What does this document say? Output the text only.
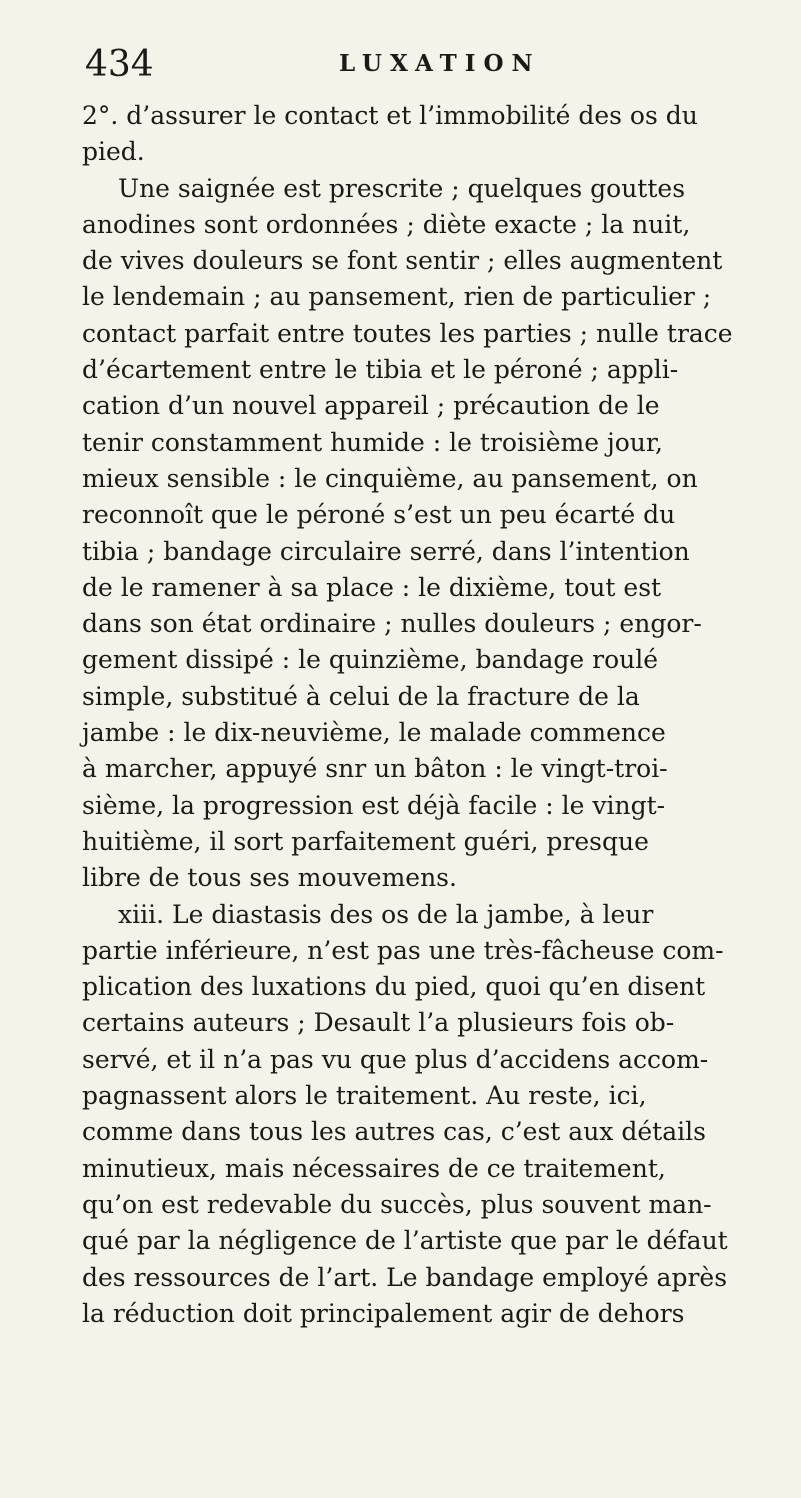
434	LUXATION
2°. d’assurer le contact et l’immobilité des os du
pied.
Une saignée est prescrite ; quelques gouttes
anodines sont ordonnées ; diète exacte ; la nuit,
de vives douleurs se font sentir ; elles augmentent
le lendemain ; au pansement, rien de particulier ;
contact parfait entre toutes les parties ; nulle trace
d’écartement entre le tibia et le péroné ; appli-
cation d’un nouvel appareil ; précaution de le
tenir constamment humide : le troisième jour,
mieux sensible : le cinquième, au pansement, on
reconnoît que le péroné s’est un peu écarté du
tibia ; bandage circulaire serré, dans l’intention
de le ramener à sa place : le dixième, tout est
dans son état ordinaire ; nulles douleurs ; engor-
gement dissipé : le quinzième, bandage roulé
simple, substitué à celui de la fracture de la
jambe : le dix-neuvième, le malade commence
à marcher, appuyé snr un bâton : le vingt-troi-
sième, la progression est déjà facile : le vingt-
huitième, il sort parfaitement guéri, presque
libre de tous ses mouvemens.
xiii. Le diastasis des os de la jambe, à leur
partie inférieure, n’est pas une très-fâcheuse com-
plication des luxations du pied, quoi qu’en disent
certains auteurs ; Desault l’a plusieurs fois ob-
servé, et il n’a pas vu que plus d’accidens accom-
pagnassent alors le traitement. Au reste, ici,
comme dans tous les autres cas, c’est aux détails
minutieux, mais nécessaires de ce traitement,
qu’on est redevable du succès, plus souvent man-
qué par la négligence de l’artiste que par le défaut
des ressources de l’art. Le bandage employé après
la réduction doit principalement agir de dehors
